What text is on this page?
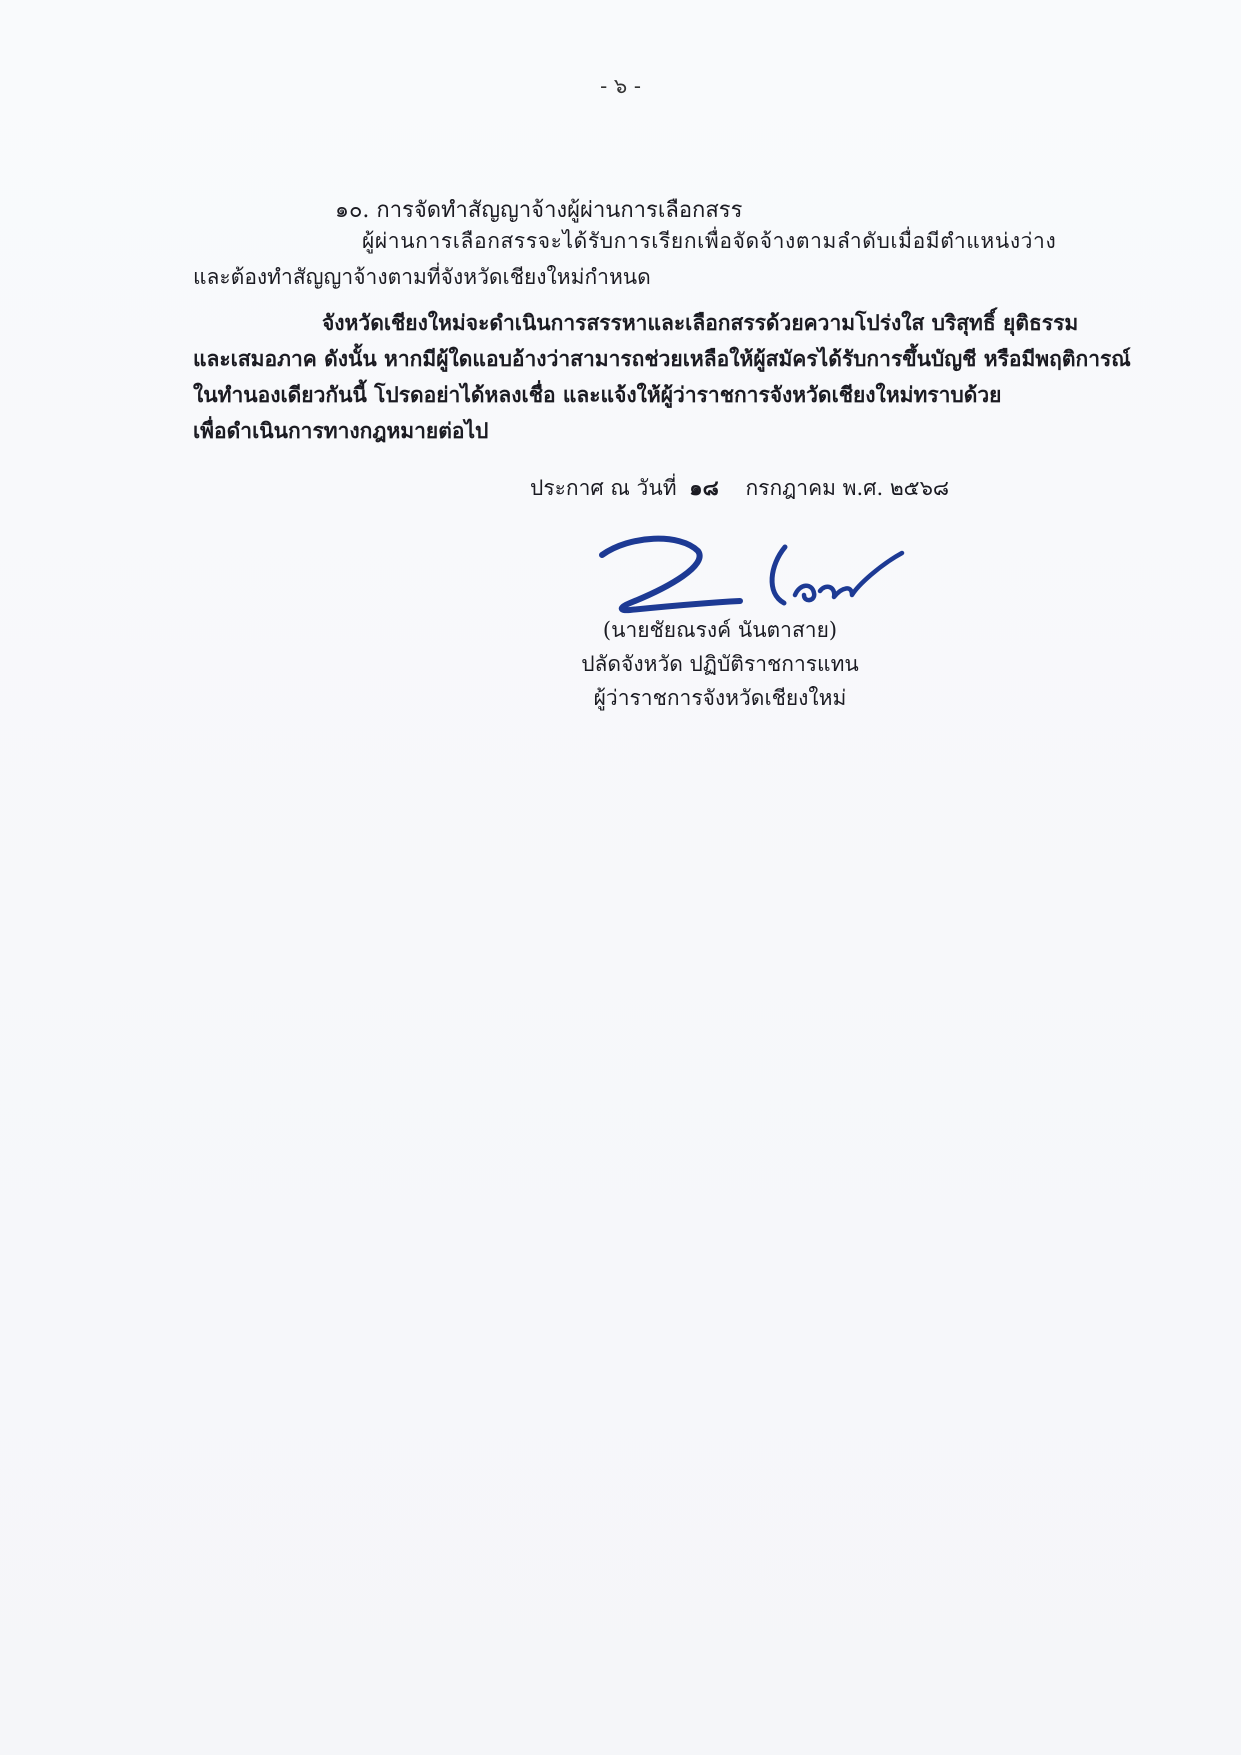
- ๖ -
๑๐. การจัดทำสัญญาจ้างผู้ผ่านการเลือกสรร
ผู้ผ่านการเลือกสรรจะได้รับการเรียกเพื่อจัดจ้างตามลำดับเมื่อมีตำแหน่งว่าง
และต้องทำสัญญาจ้างตามที่จังหวัดเชียงใหม่กำหนด
จังหวัดเชียงใหม่จะดำเนินการสรรหาและเลือกสรรด้วยความโปร่งใส บริสุทธิ์ ยุติธรรม
และเสมอภาค ดังนั้น หากมีผู้ใดแอบอ้างว่าสามารถช่วยเหลือให้ผู้สมัครได้รับการขึ้นบัญชี หรือมีพฤติการณ์
ในทำนองเดียวกันนี้ โปรดอย่าได้หลงเชื่อ และแจ้งให้ผู้ว่าราชการจังหวัดเชียงใหม่ทราบด้วย
เพื่อดำเนินการทางกฎหมายต่อไป
ประกาศ ณ วันที่ ๑๘ กรกฎาคม พ.ศ. ๒๕๖๘
(นายชัยณรงค์ นันตาสาย)
ปลัดจังหวัด ปฏิบัติราชการแทน
ผู้ว่าราชการจังหวัดเชียงใหม่
